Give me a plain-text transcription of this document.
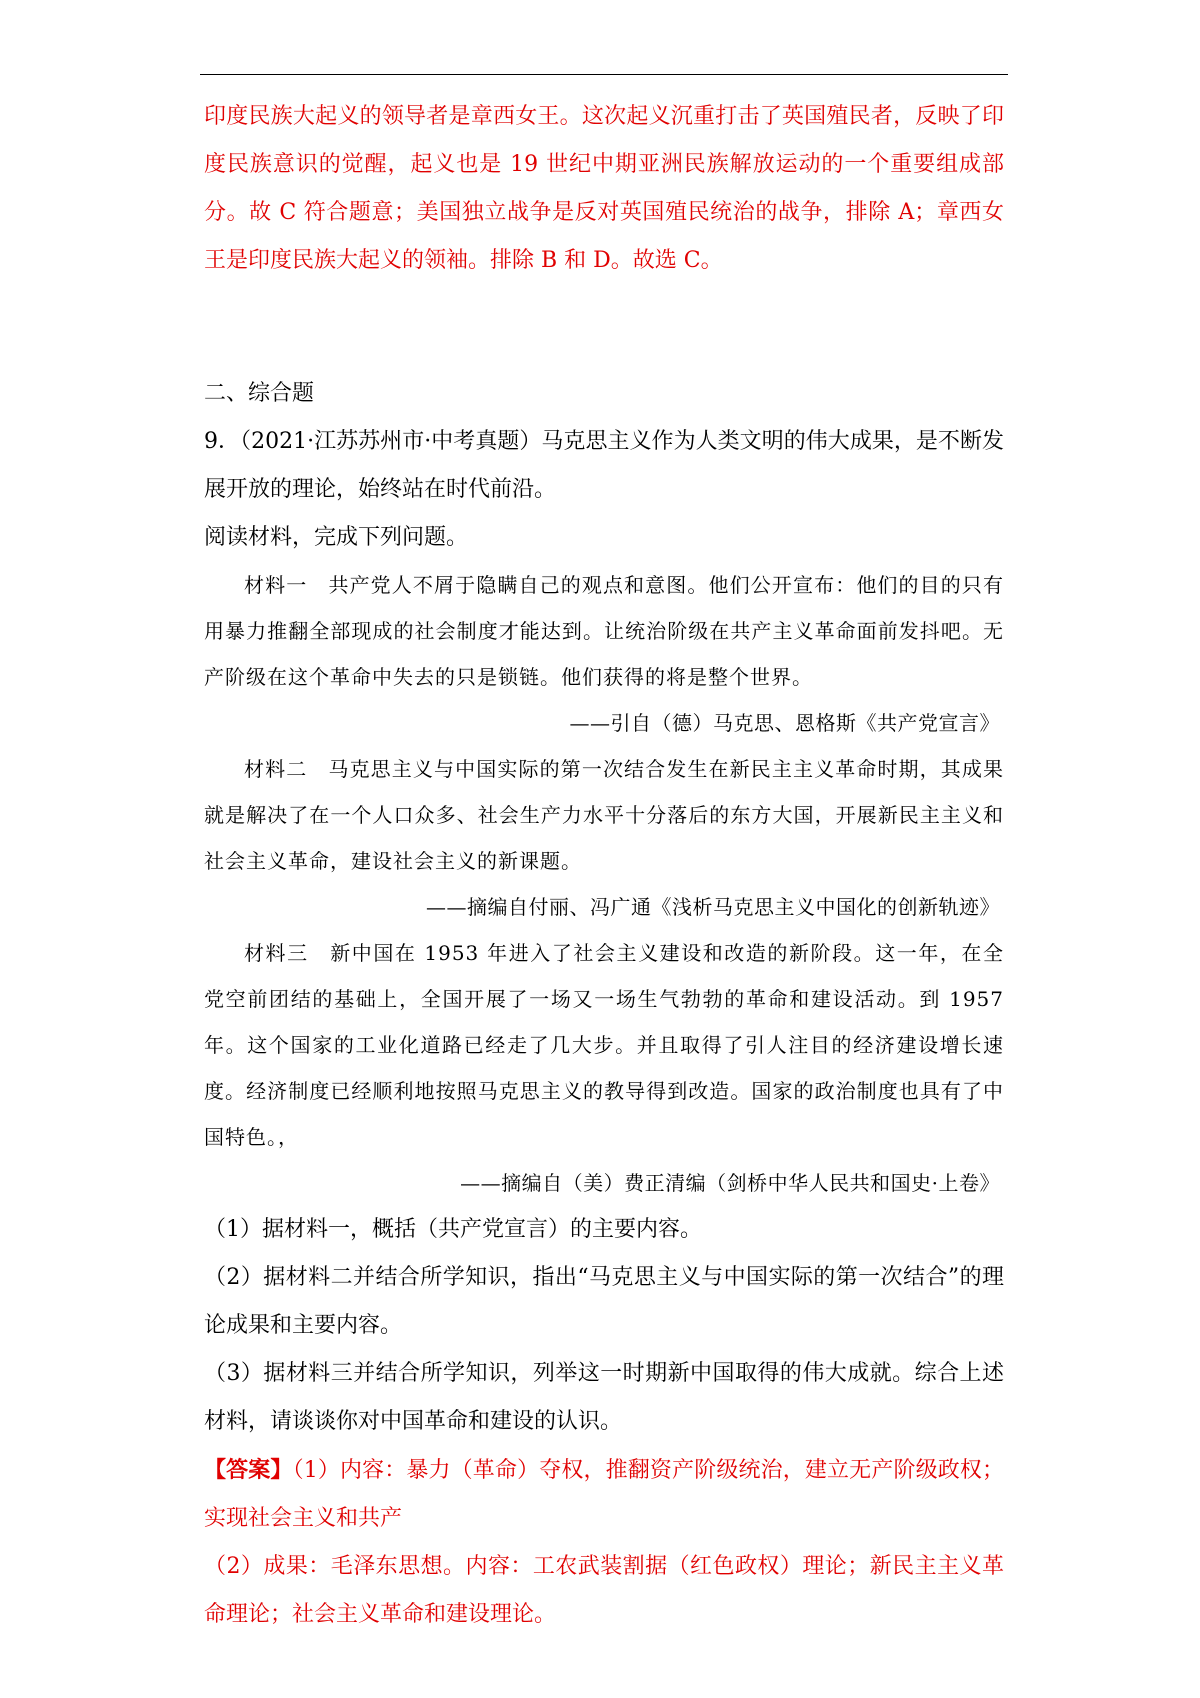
印度民族大起义的领导者是章西女王。这次起义沉重打击了英国殖民者，反映了印度民族意识的觉醒，起义也是 19 世纪中期亚洲民族解放运动的一个重要组成部分。故 C 符合题意；美国独立战争是反对英国殖民统治的战争，排除 A；章西女王是印度民族大起义的领袖。排除 B 和 D。故选 C。

二、综合题

9．（2021·江苏苏州市·中考真题）马克思主义作为人类文明的伟大成果，是不断发展开放的理论，始终站在时代前沿。

阅读材料，完成下列问题。

材料一　共产党人不屑于隐瞒自己的观点和意图。他们公开宣布：他们的目的只有用暴力推翻全部现成的社会制度才能达到。让统治阶级在共产主义革命面前发抖吧。无产阶级在这个革命中失去的只是锁链。他们获得的将是整个世界。

——引自（德）马克思、恩格斯《共产党宣言》

材料二　马克思主义与中国实际的第一次结合发生在新民主主义革命时期，其成果就是解决了在一个人口众多、社会生产力水平十分落后的东方大国，开展新民主主义和社会主义革命，建设社会主义的新课题。

——摘编自付丽、冯广通《浅析马克思主义中国化的创新轨迹》

材料三　新中国在 1953 年进入了社会主义建设和改造的新阶段。这一年，在全党空前团结的基础上，全国开展了一场又一场生气勃勃的革命和建设活动。到 1957 年。这个国家的工业化道路已经走了几大步。并且取得了引人注目的经济建设增长速度。经济制度已经顺利地按照马克思主义的教导得到改造。国家的政治制度也具有了中国特色。，

——摘编自（美）费正清编（剑桥中华人民共和国史·上卷》

（1）据材料一，概括（共产党宣言）的主要内容。

（2）据材料二并结合所学知识，指出“马克思主义与中国实际的第一次结合”的理论成果和主要内容。

（3）据材料三并结合所学知识，列举这一时期新中国取得的伟大成就。综合上述材料，请谈谈你对中国革命和建设的认识。

【答案】（1）内容：暴力（革命）夺权，推翻资产阶级统治，建立无产阶级政权；实现社会主义和共产

（2）成果：毛泽东思想。内容：工农武装割据（红色政权）理论；新民主主义革命理论；社会主义革命和建设理论。
